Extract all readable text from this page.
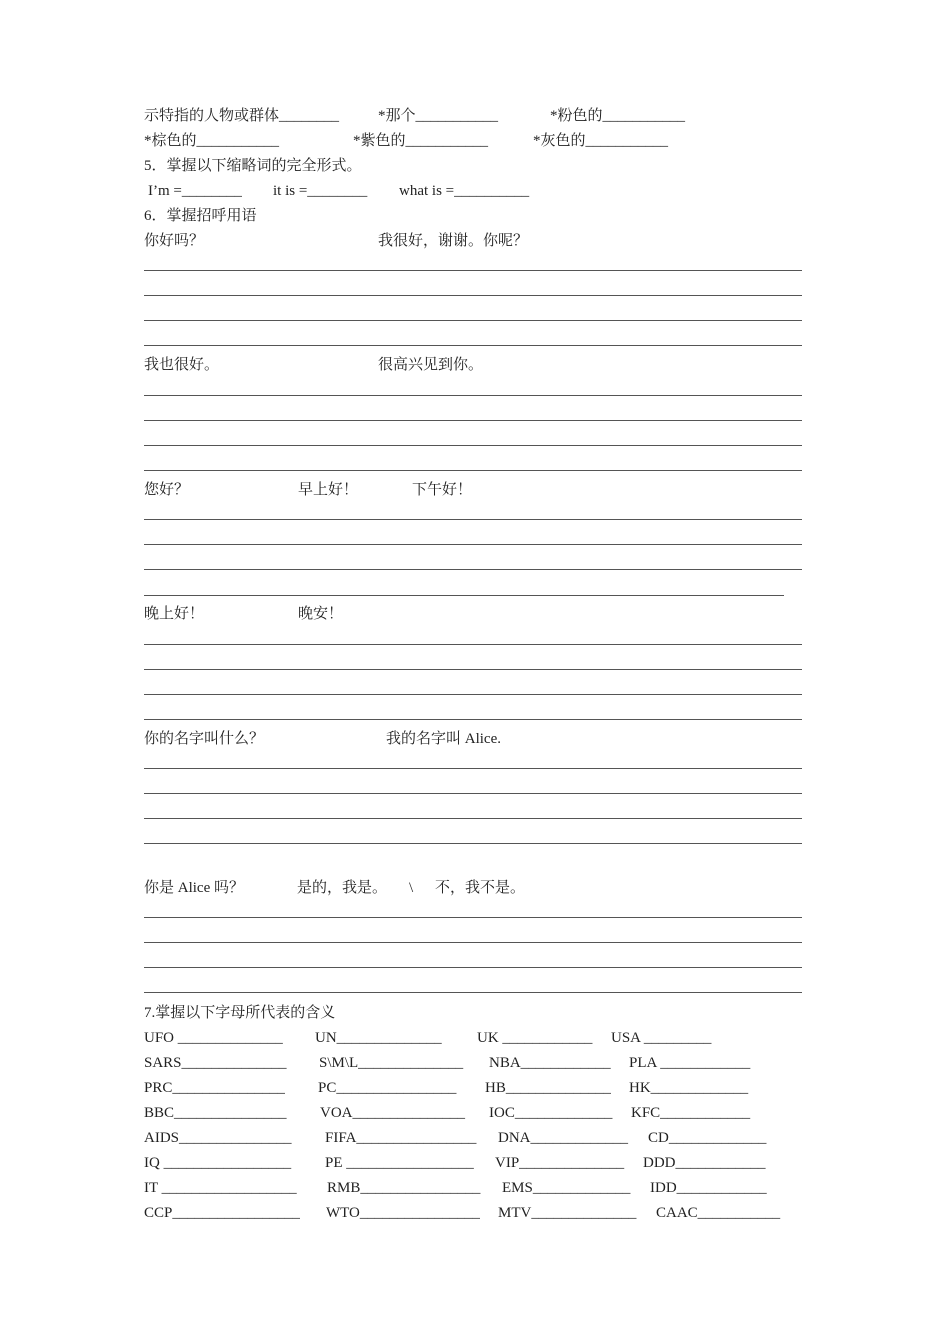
示特指的人物或群体________	*那个___________	*粉色的___________
*棕色的___________	*紫色的___________	*灰色的___________
5．掌握以下缩略词的完全形式。
I’m =________ it is =________ what is =__________
6．掌握招呼用语
你好吗？	我很好，谢谢。你呢？
我也很好。	很高兴见到你。
您好？	早上好！	下午好！
晚上好！	晚安！
你的名字叫什么？	我的名字叫 Alice.
你是 Alice 吗？	是的，我是。 \ 不，我不是。
7.掌握以下字母所代表的含义
UFO ______________ UN______________ UK ____________ USA _________
SARS______________ S\M\L______________ NBA____________ PLA ____________
PRC_______________ PC________________ HB______________ HK_____________
BBC_______________ VOA_______________ IOC_____________ KFC____________
AIDS_______________ FIFA________________ DNA_____________ CD_____________
IQ _________________ PE _________________ VIP______________ DDD____________
IT __________________ RMB________________ EMS_____________ IDD____________
CCP_________________ WTO________________ MTV______________ CAAC___________
